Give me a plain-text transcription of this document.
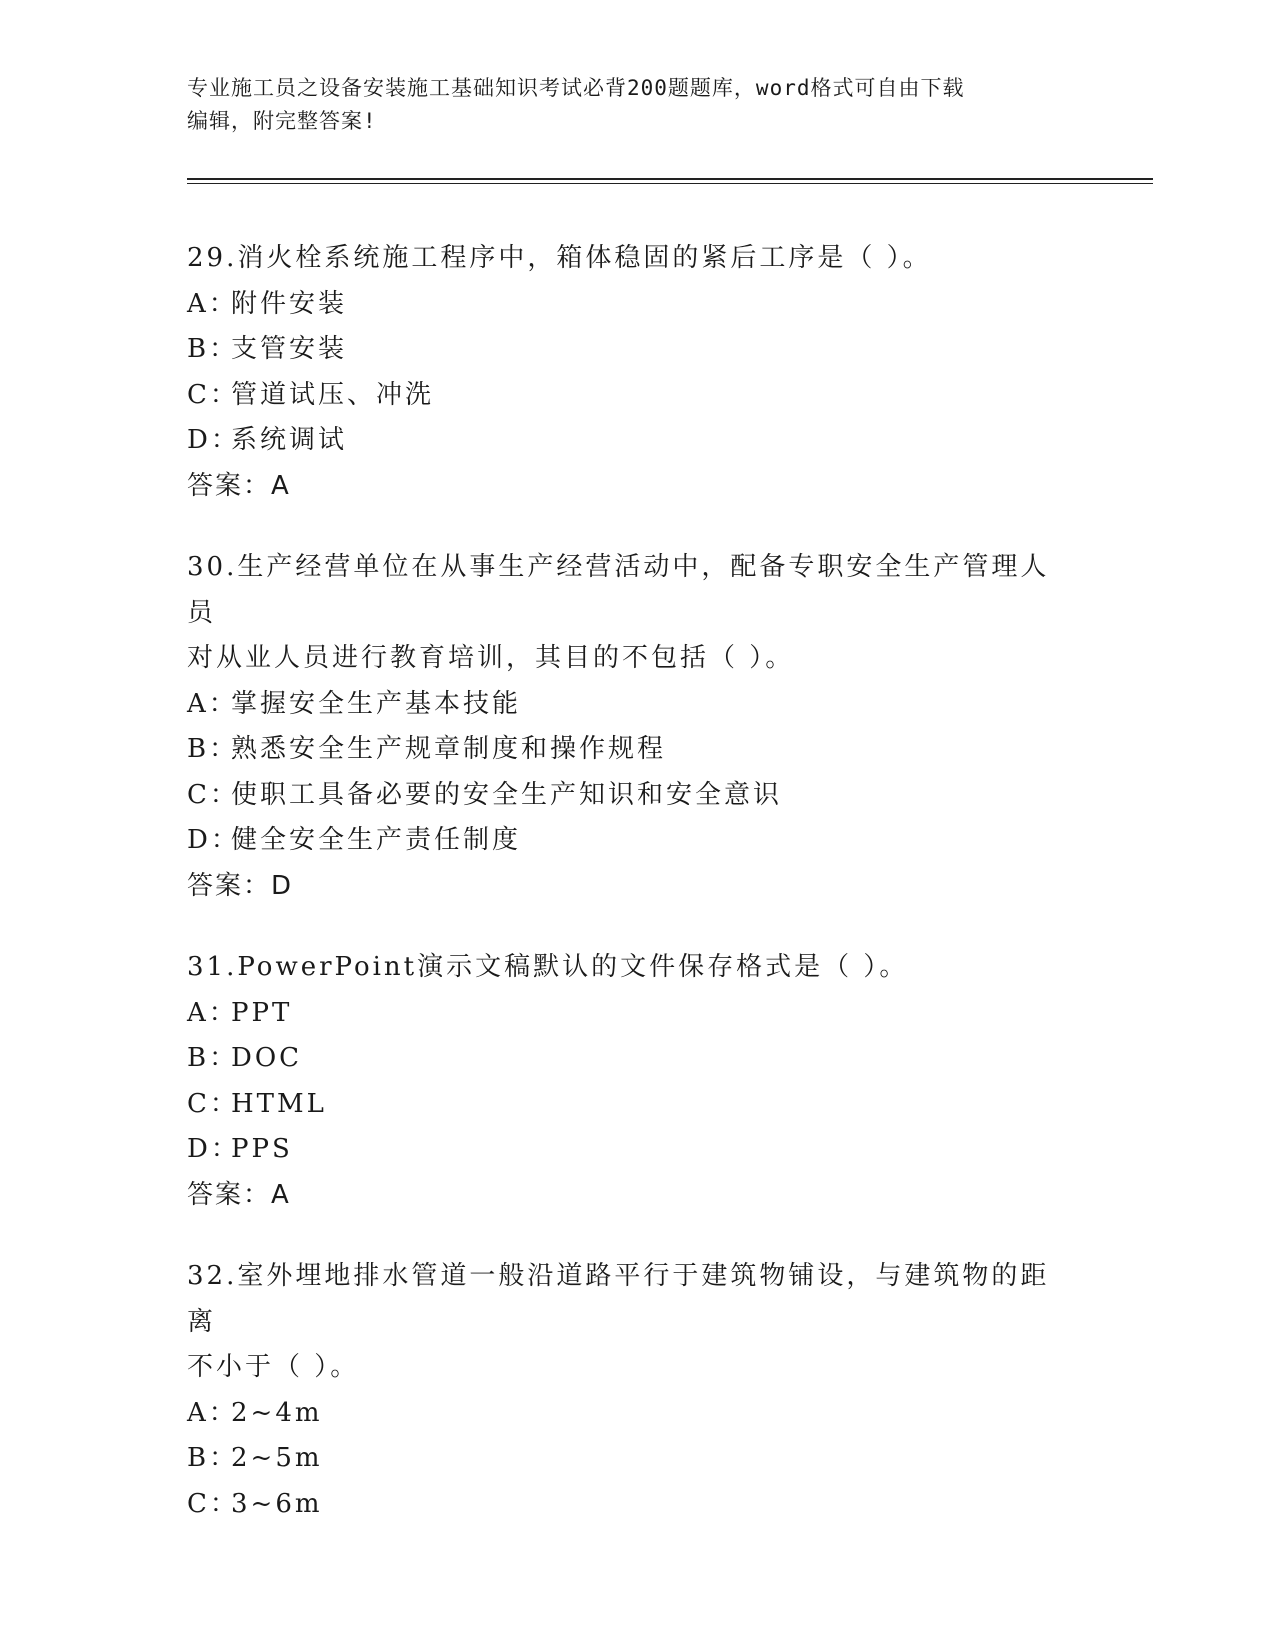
专业施工员之设备安装施工基础知识考试必背200题题库，word格式可自由下载
编辑，附完整答案!
29.消火栓系统施工程序中，箱体稳固的紧后工序是（ ）。
A：附件安装
B：支管安装
C：管道试压、冲洗
D：系统调试
答案：A
30.生产经营单位在从事生产经营活动中，配备专职安全生产管理人员
对从业人员进行教育培训，其目的不包括（ ）。
A：掌握安全生产基本技能
B：熟悉安全生产规章制度和操作规程
C：使职工具备必要的安全生产知识和安全意识
D：健全安全生产责任制度
答案：D
31.PowerPoint演示文稿默认的文件保存格式是（ ）。
A：PPT
B：DOC
C：HTML
D：PPS
答案：A
32.室外埋地排水管道一般沿道路平行于建筑物铺设，与建筑物的距离
不小于（ ）。
A：2~4m
B：2~5m
C：3~6m
